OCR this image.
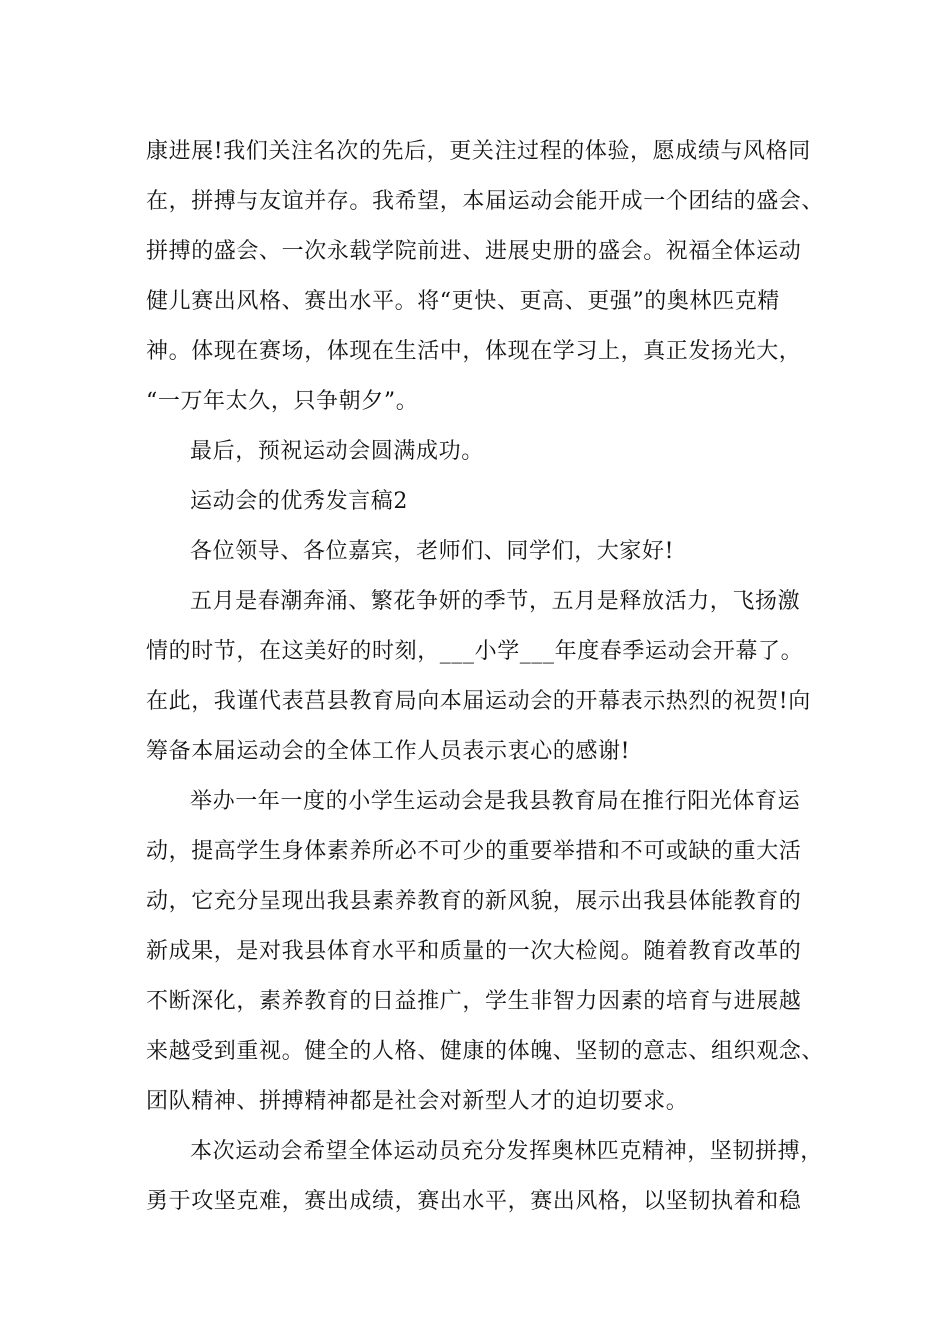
康进展!我们关注名次的先后，更关注过程的体验，愿成绩与风格同
在，拼搏与友谊并存。我希望，本届运动会能开成一个团结的盛会、
拼搏的盛会、一次永载学院前进、进展史册的盛会。祝福全体运动
健儿赛出风格、赛出水平。将“更快、更高、更强”的奥林匹克精
神。体现在赛场，体现在生活中，体现在学习上，真正发扬光大，
“一万年太久，只争朝夕”。
最后，预祝运动会圆满成功。
运动会的优秀发言稿2
各位领导、各位嘉宾，老师们、同学们，大家好!
五月是春潮奔涌、繁花争妍的季节，五月是释放活力，飞扬激
情的时节，在这美好的时刻，___小学___年度春季运动会开幕了。
在此，我谨代表莒县教育局向本届运动会的开幕表示热烈的祝贺!向
筹备本届运动会的全体工作人员表示衷心的感谢!
举办一年一度的小学生运动会是我县教育局在推行阳光体育运
动，提高学生身体素养所必不可少的重要举措和不可或缺的重大活
动，它充分呈现出我县素养教育的新风貌，展示出我县体能教育的
新成果，是对我县体育水平和质量的一次大检阅。随着教育改革的
不断深化，素养教育的日益推广，学生非智力因素的培育与进展越
来越受到重视。健全的人格、健康的体魄、坚韧的意志、组织观念、
团队精神、拼搏精神都是社会对新型人才的迫切要求。
本次运动会希望全体运动员充分发挥奥林匹克精神，坚韧拼搏，
勇于攻坚克难，赛出成绩，赛出水平，赛出风格，以坚韧执着和稳
